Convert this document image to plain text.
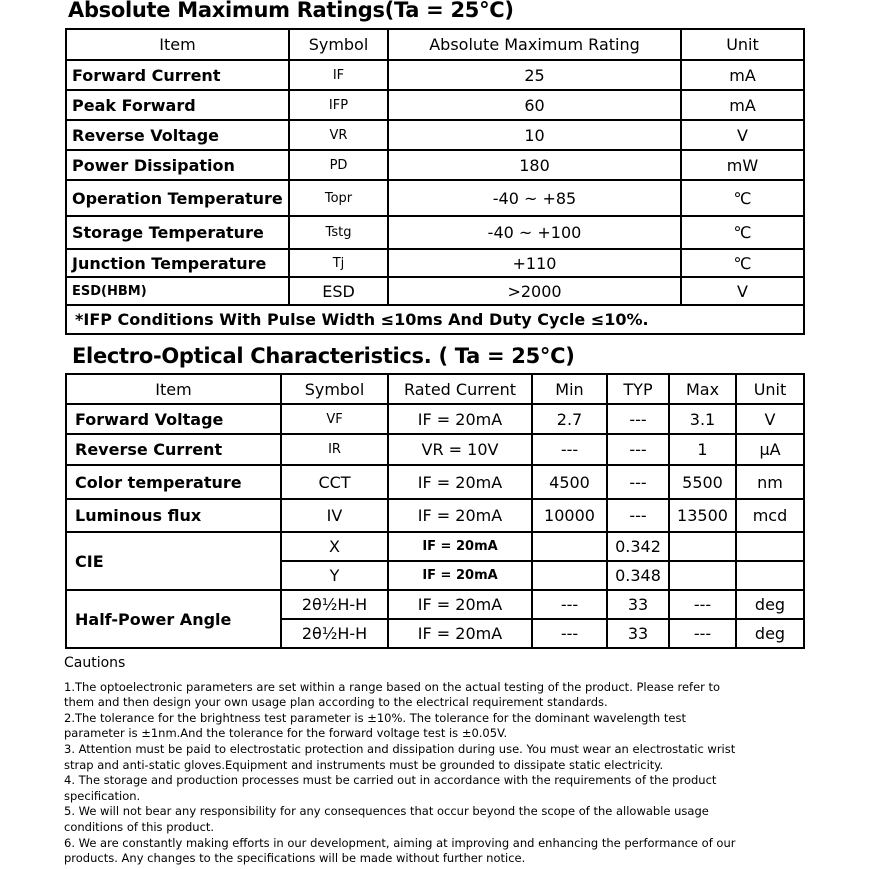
Absolute Maximum Ratings(Ta = 25°C)
Item	Symbol	Absolute Maximum Rating	Unit
Forward Current	IF	25	mA
Peak Forward	IFP	60	mA
Reverse Voltage	VR	10	V
Power Dissipation	PD	180	mW
Operation Temperature	Topr	-40 ~ +85	℃
Storage Temperature	Tstg	-40 ~ +100	℃
Junction Temperature	Tj	+110	℃
ESD(HBM)	ESD	>2000	V
*IFP Conditions With Pulse Width ≤10ms And Duty Cycle ≤10%.			
Electro-Optical Characteristics. ( Ta = 25°C)
Item	Symbol	Rated Current	Min	TYP	Max	Unit
Forward Voltage	VF	IF = 20mA	2.7	---	3.1	V
Reverse Current	IR	VR = 10V	---	---	1	μA
Color temperature	CCT	IF = 20mA	4500	---	5500	nm
Luminous flux	IV	IF = 20mA	10000	---	13500	mcd
CIE	X	IF = 20mA		0.342		
	Y	IF = 20mA		0.348		
Half-Power Angle	2θ½H-H	IF = 20mA	---	33	---	deg
	2θ½H-H	IF = 20mA	---	33	---	deg
Cautions

1.The optoelectronic parameters are set within a range based on the actual testing of the product. Please refer to them and then design your own usage plan according to the electrical requirement standards.

2.The tolerance for the brightness test parameter is ±10%. The tolerance for the dominant wavelength test parameter is ±1nm.And the tolerance for the forward voltage test is ±0.05V.

3. Attention must be paid to electrostatic protection and dissipation during use. You must wear an electrostatic wrist strap and anti-static gloves.Equipment and instruments must be grounded to dissipate static electricity.

4. The storage and production processes must be carried out in accordance with the requirements of the product specification.

5. We will not bear any responsibility for any consequences that occur beyond the scope of the allowable usage conditions of this product.

6. We are constantly making efforts in our development, aiming at improving and enhancing the performance of our products. Any changes to the specifications will be made without further notice.
